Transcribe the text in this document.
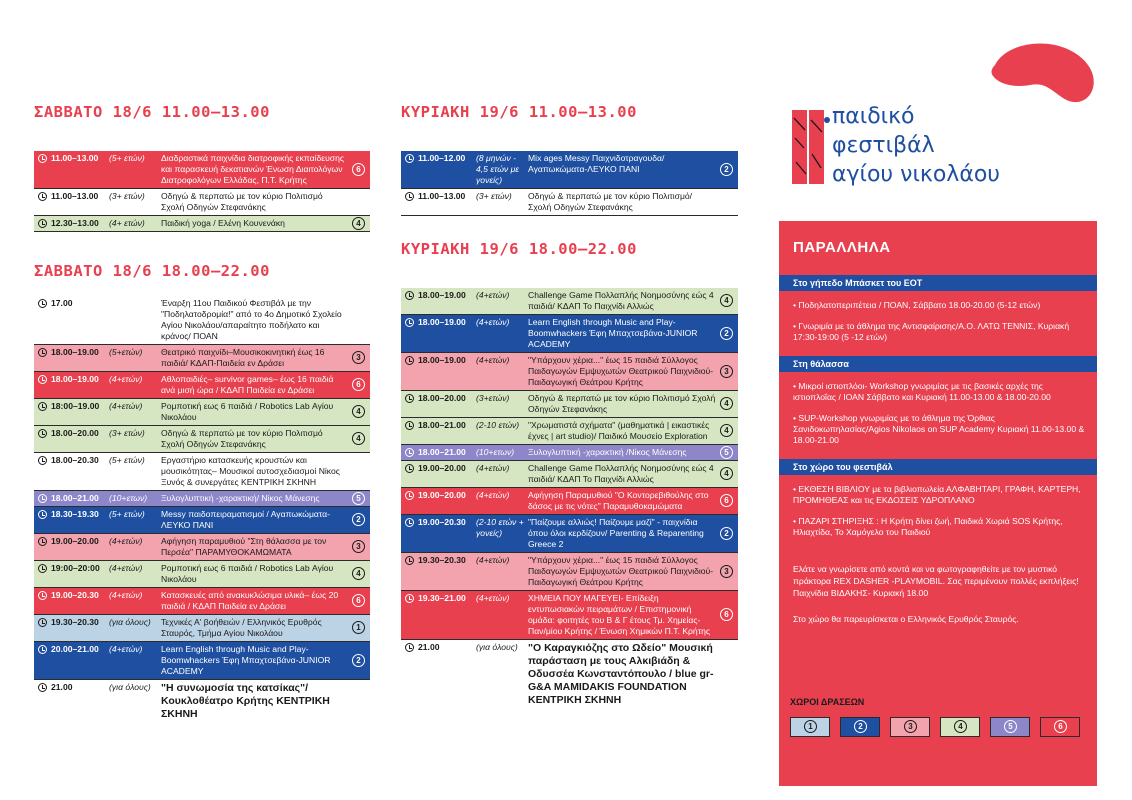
παιδικό
φεστιβάλ
αγίου νικολάου
ΣΑΒΒΑΤΟ 18/6 11.00–13.00
11.00–13.00	(5+ ετών)	Διαδραστικά παιχνίδια διατροφικής εκπαίδευσης και παρασκευή δεκατιανών Ένωση Διαιτολόγων Διατροφολόγων Ελλάδας, Π.Τ. Κρήτης
6
11.00–13.00	(3+ ετών)	Οδηγώ & περπατώ με τον κύριο Πολιτισμό Σχολή Οδηγών Στεφανάκης
12.30–13.00	(4+ ετών)	Παιδική yoga / Ελένη Κουνενάκη	4
ΣΑΒΒΑΤΟ 18/6 18.00–22.00
17.00	Έναρξη 11ου Παιδικού Φεστιβάλ με την "Ποδηλατοδρομία!" από το 4ο Δημοτικό Σχολείο Αγίου Νικολάου/απαραίτητο ποδήλατο και κράνος/ ΠΟΑΝ
18.00–19.00	(5+ετών)	Θεατρικό παιχνίδι–Μουσικοκινητική έως 16 παιδιά/ ΚΔΑΠ-Παιδεία εν Δράσει
3
18.00–19.00	(4+ετών)	Αθλοπαιδιές– survivor games– έως 16 παιδιά ανά μισή ώρα / ΚΔΑΠ Παιδεία εν Δράσει
6
18:00–19.00	(4+ετών)	Ρομποτική εως 6 παιδιά / Robotics Lab Αγίου Νικολάου
4
18.00–20.00	(3+ ετών)	Οδηγώ & περπατώ με τον κύριο Πολιτισμό Σχολή Οδηγών Στεφανάκης
4
18.00–20.30	(5+ ετών)	Εργαστήριο κατασκευής κρουστών και μουσικότητας– Μουσικοί αυτοσχεδιασμοί Νίκος Ξυνός & συνεργάτες ΚΕΝΤΡΙΚΗ ΣΚΗΝΗ
18.00–21.00	(10+ετων)	Ξυλογλυπτική -χαρακτική/ Νίκος Μάνεσης	5
18.30–19.30	(5+ ετών)	Messy παιδοπειραματισμοί / Αγαπωκώματα-ΛΕΥΚΟ ΠΑΝΙ
2
19.00–20.00	(4+ετών)	Αφήγηση παραμυθιού "Στη θάλασσα με τον Περσέα" ΠΑΡΑΜΥΘΟΚΑΜΩΜΑΤΑ
3
19:00–20:00	(4+ετών)	Ρομποτική εως 6 παιδιά / Robotics Lab Αγίου Νικολάου
4
19.00–20.30	(4+ετών)	Κατασκευές από ανακυκλώσιμα υλικά– έως 20 παιδιά / ΚΔΑΠ Παιδεία εν Δράσει
6
19.30–20.30	(για όλους)	Τεχνικές Α' βοήθειών / Ελληνικός Ερυθρός Σταυρός, Τμήμα Αγίου Νικολάου
1
20.00–21.00	(4+ετών)	Learn English through Music and Play- Boomwhackers Έφη Μπαχτσεβάνα-JUNIOR ACADEMY
2
21.00	(για όλους) "Η συνωμοσία της κατσίκας"/ Κουκλοθέατρο Κρήτης ΚΕΝΤΡΙΚΗ ΣΚΗΝΗ
ΚΥΡΙΑΚΗ 19/6 11.00–13.00
11.00–12.00	(8 μηνών - 4,5 ετών με γονείς)
Mix ages Messy Παιχνιδοτραγουδα/ Αγαπωκώματα-ΛΕΥΚΟ ΠΑΝΙ	2
11.00–13.00	(3+ ετών)	Οδηγώ & περπατώ με τον κύριο Πολιτισμό/ Σχολή Οδηγών Στεφανάκης
ΚΥΡΙΑΚΗ 19/6 18.00–22.00
18.00–19.00	(4+ετών)	Challenge Game Πολλαπλής Νοημοσύνης εώς 4 παιδιά/ ΚΔΑΠ Το Παιχνίδι Αλλιώς
4
18.00–19.00	(4+ετών)	Learn English through Music and Play- Boomwhackers Έφη Μπαχτσεβάνα-JUNIOR ACADEMY
2
18.00–19.00	(4+ετών)	"Υπάρχουν χέρια..." έως 15 παιδιά Σύλλογος Παιδαγωγών Εμψυχωτών Θεατρικού Παιχνιδιού-Παιδαγωγική Θεάτρου Κρήτης
3
18.00–20.00	(3+ετών)	Οδηγώ & περπατώ με τον κύριο Πολιτισμό Σχολή Οδηγών Στεφανάκης
4
18.00–21.00	(2-10 ετών)	"Χρωματιστά σχήματα" (μαθηματικά | εικαστικές έχνες | art studio)/ Παιδικό Μουσείο Exploration
4
18.00–21.00	(10+ετων)	Ξυλογλυπτική -χαρακτική /Νίκος Μάνεσης	5
19.00–20.00	(4+ετών)	Challenge Game Πολλαπλής Νοημοσύνης εώς 4 παιδιά/ ΚΔΑΠ Το Παιχνίδι Αλλιώς
4
19.00–20.00	(4+ετών)	Αφήγηση Παραμυθιού "Ο Κοντορεβιθούλης στο δάσος με τις νότες" Παραμυθοκαμώματα
6
19.00–20.30	(2-10 ετών + γονείς)
"Παίζουμε αλλιώς! Παίζουμε μαζί" - παιχνίδια όπου όλοι κερδίζουν/ Parenting & Reparenting Greece 2
2
19.30–20.30	(4+ετών)	"Υπάρχουν χέρια..." έως 15 παιδιά Σύλλογος Παιδαγωγών Εμψυχωτών Θεατρικού Παιχνιδιού-Παιδαγωγική Θεάτρου Κρήτης
3
19.30–21.00	(4+ετών)	ΧΗΜΕΙΑ ΠΟΥ ΜΑΓΕΥΕΙ- Επίδειξη εντυπωσιακών πειραμάτων / Επιστημονική ομάδα: φοιτητές του Β & Γ έτους Τμ. Χημείας-Παν/μίου Κρήτης / Ένωση Χημικών Π.Τ. Κρήτης
6
21.00	(για όλους) "Ο Καραγκιόζης στο Ωδείο" Μουσική παράσταση με τους Αλκιβιάδη & Οδυσσέα Κωνσταντόπουλο / blue gr-G&A MAMIDAKIS FOUNDATION ΚΕΝΤΡΙΚΗ ΣΚΗΝΗ
ΠΑΡΑΛΛΗΛΑ
Στο γήπεδο Μπάσκετ του ΕΟΤ
• Ποδηλατοπεριπέτεια / ΠΟΑΝ, Σάββατο 18.00-20.00 (5-12 ετών)
• Γνωριμία με το άθλημα της Αντισφαίρισης/Α.Ο. ΛΑΤΩ ΤΕΝΝΙΣ, Κυριακή 17:30-19:00 (5 -12 ετών)
Στη θάλασσα
• Μικροί ιστιοπλόοι- Workshop γνωριμίας με τις βασικές αρχές της ιστιοπλοΐας / ΙΟΑΝ Σάββατο και Κυριακή 11.00-13.00 & 18.00-20.00
• SUP-Workshop γνωριμίας με το άθλημα της Όρθιας Σανιδοκωπηλασίας/Agios Nikolaos on SUP Academy Κυριακή 11.00-13.00 & 18.00-21.00
Στο χώρο του φεστιβάλ
• ΕΚΘΕΣΗ ΒΙΒΛΙΟΥ με τα βιβλιοπωλεία ΑΛΦΑΒΗΤΑΡΙ, ΓΡΑΦΗ, ΚΑΡΤΕΡΗ, ΠΡΟΜΗΘΕΑΣ και τις ΕΚΔΟΣΕΙΣ ΥΔΡΟΠΛΑΝΟ
• ΠΑΖΑΡΙ ΣΤΗΡΙΞΗΣ : Η Κρήτη δίνει ζωή, Παιδικά Χωριά SOS Κρήτης, Ηλιαχτίδα, Το Χαμόγελο του Παιδιού
Ελάτε να γνωρίσετε από κοντά και να φωτογραφηθείτε με τον μυστικό πράκτορα REX DASHER -PLAYMOBIL. Σας περιμένουν πολλές εκπλήξεις! Παιχνίδια ΒΙΔΑΚΗΣ- Κυριακή 18.00
Στο χώρο θα παρευρίσκεται ο Ελληνικός Ερυθρός Σταυρός.
ΧΩΡΟΙ ΔΡΑΣΕΩΝ
1	2	3	4	5	6
